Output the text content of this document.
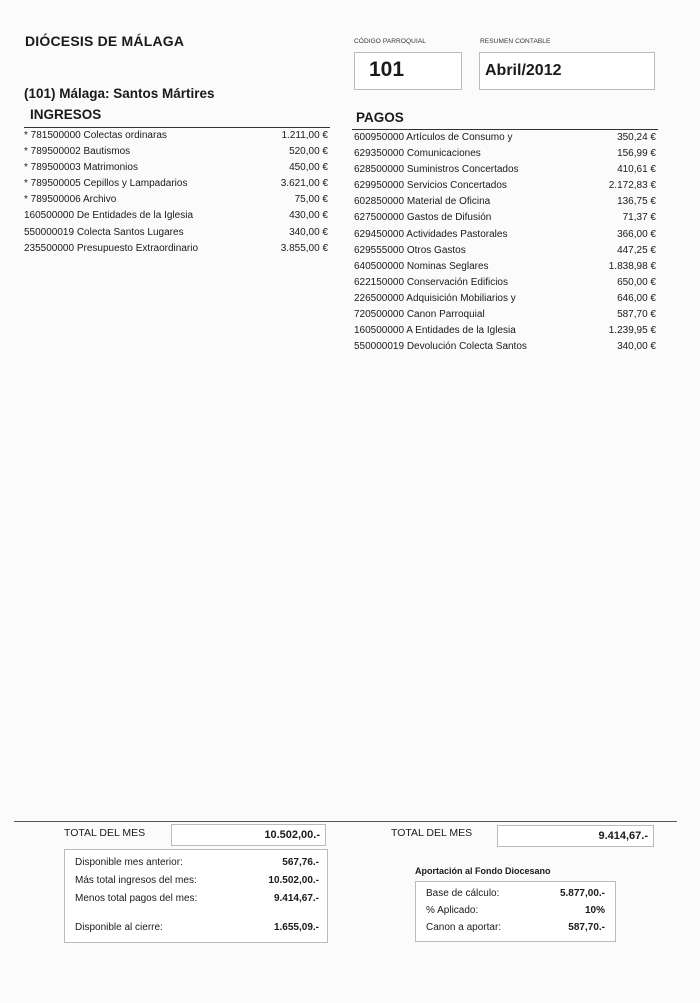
DIÓCESIS DE MÁLAGA	CÓDIGO PARROQUIAL	RESUMEN CONTABLE
101	Abril/2012
(101) Málaga: Santos Mártires
INGRESOS
* 781500000 Colectas ordinaras	1.211,00 €
* 789500002 Bautismos	520,00 €
* 789500003 Matrimonios	450,00 €
* 789500005 Cepillos y Lampadarios	3.621,00 €
* 789500006 Archivo	75,00 €
160500000 De Entidades de la Iglesia	430,00 €
550000019 Colecta Santos Lugares	340,00 €
235500000 Presupuesto Extraordinario	3.855,00 €
PAGOS
600950000 Artículos de Consumo y	350,24 €
629350000 Comunicaciones	156,99 €
628500000 Suministros Concertados	410,61 €
629950000 Servicios Concertados	2.172,83 €
602850000 Material de Oficina	136,75 €
627500000 Gastos de Difusión	71,37 €
629450000 Actividades Pastorales	366,00 €
629555000 Otros Gastos	447,25 €
640500000 Nominas Seglares	1.838,98 €
622150000 Conservación Edificios	650,00 €
226500000 Adquisición Mobiliarios y	646,00 €
720500000 Canon Parroquial	587,70 €
160500000 A Entidades de la Iglesia	1.239,95 €
550000019 Devolución Colecta Santos	340,00 €
TOTAL DEL MES	10.502,00.-	TOTAL DEL MES	9.414,67.-
Disponible mes anterior:	567,76.-
Más total ingresos del mes:	10.502,00.-
Menos total pagos del mes:	9.414,67.-
Disponible al cierre:	1.655,09.-
Aportación al Fondo Diocesano
Base de cálculo:	5.877,00.-
% Aplicado:	10%
Canon a aportar:	587,70.-
